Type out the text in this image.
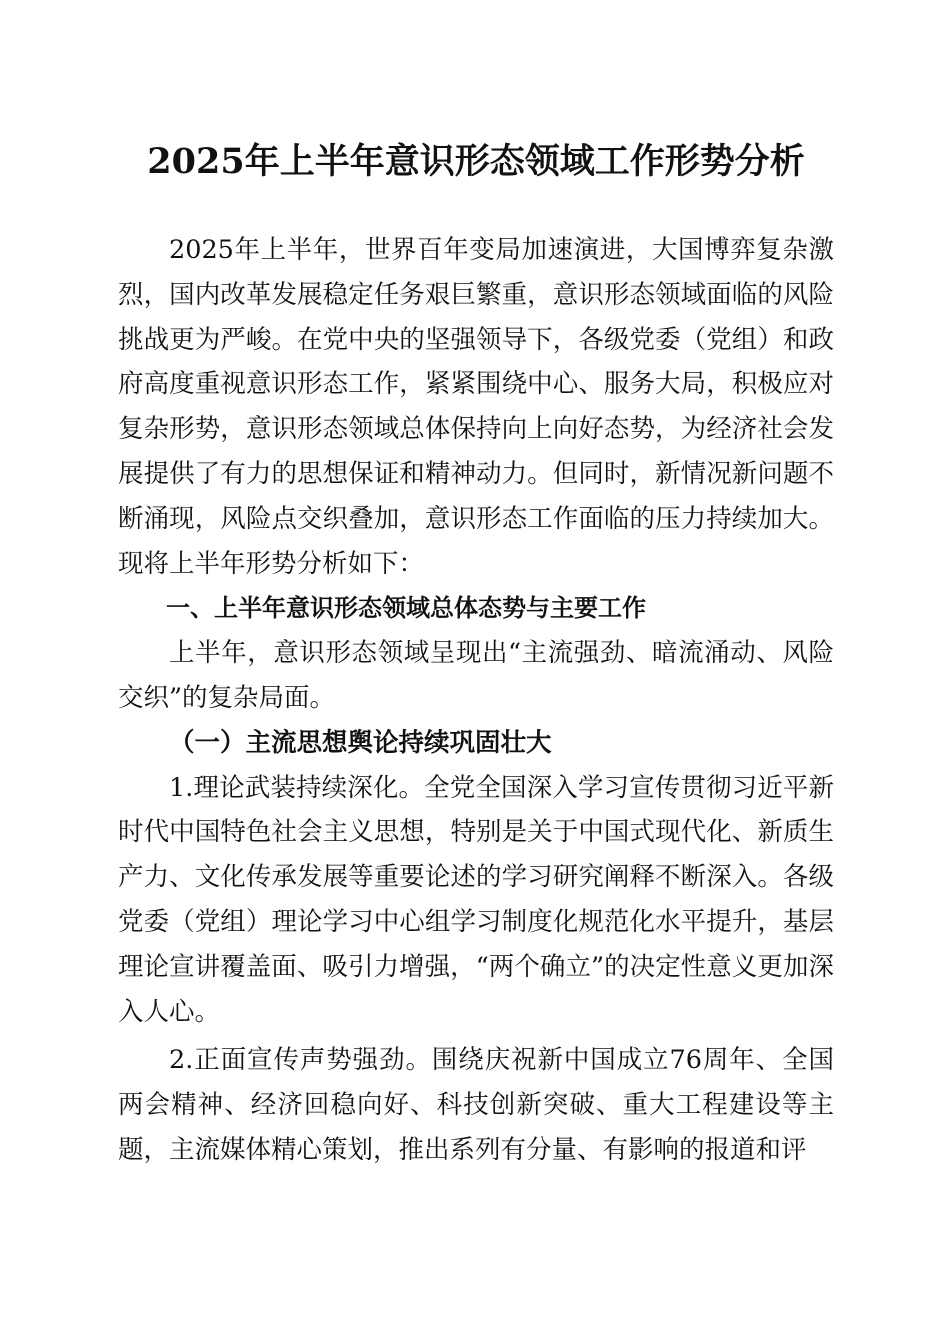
2025年上半年意识形态领域工作形势分析

2025年上半年，世界百年变局加速演进，大国博弈复杂激烈，国内改革发展稳定任务艰巨繁重，意识形态领域面临的风险挑战更为严峻。在党中央的坚强领导下，各级党委（党组）和政府高度重视意识形态工作，紧紧围绕中心、服务大局，积极应对复杂形势，意识形态领域总体保持向上向好态势，为经济社会发展提供了有力的思想保证和精神动力。但同时，新情况新问题不断涌现，风险点交织叠加，意识形态工作面临的压力持续加大。现将上半年形势分析如下：

一、上半年意识形态领域总体态势与主要工作

上半年，意识形态领域呈现出“主流强劲、暗流涌动、风险交织”的复杂局面。

（一）主流思想舆论持续巩固壮大

1.理论武装持续深化。全党全国深入学习宣传贯彻习近平新时代中国特色社会主义思想，特别是关于中国式现代化、新质生产力、文化传承发展等重要论述的学习研究阐释不断深入。各级党委（党组）理论学习中心组学习制度化规范化水平提升，基层理论宣讲覆盖面、吸引力增强，“两个确立”的决定性意义更加深入人心。

2.正面宣传声势强劲。围绕庆祝新中国成立76周年、全国两会精神、经济回稳向好、科技创新突破、重大工程建设等主题，主流媒体精心策划，推出系列有分量、有影响的报道和评
